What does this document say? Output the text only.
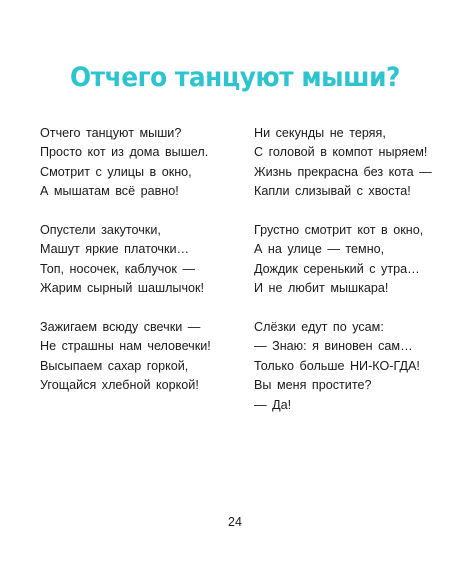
Отчего танцуют мыши?

Отчего танцуют мыши?
Просто кот из дома вышел.
Смотрит с улицы в окно,
А мышатам всё равно!

Опустели закуточки,
Машут яркие платочки…
Топ, носочек, каблучок —
Жарим сырный шашлычок!

Зажигаем всюду свечки —
Не страшны нам человечки!
Высыпаем сахар горкой,
Угощайся хлебной коркой!

Ни секунды не теряя,
С головой в компот ныряем!
Жизнь прекрасна без кота —
Капли слизывай с хвоста!

Грустно смотрит кот в окно,
А на улице — темно,
Дождик серенький с утра…
И не любит мышкара!

Слёзки едут по усам:
— Знаю: я виновен сам…
Только больше НИ-КО-ГДА!
Вы меня простите?
— Да!

24
